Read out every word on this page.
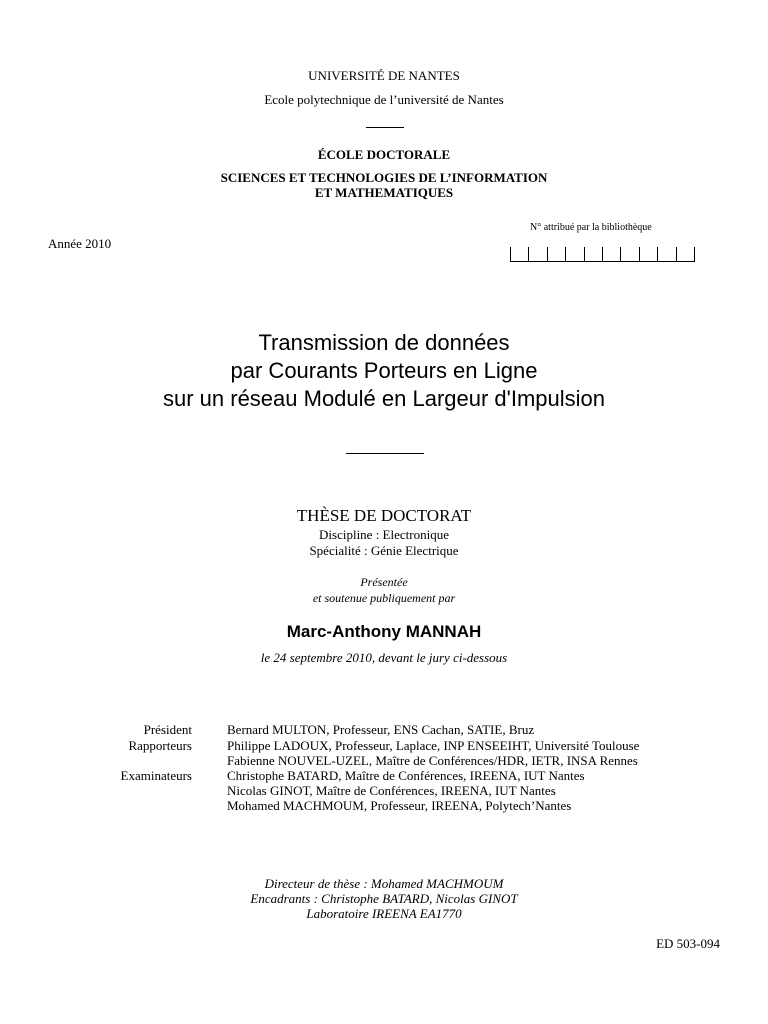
UNIVERSITÉ DE NANTES
Ecole polytechnique de l’université de Nantes
ÉCOLE DOCTORALE
SCIENCES ET TECHNOLOGIES DE L’INFORMATION
ET MATHEMATIQUES
N° attribué par la bibliothèque
Année 2010
Transmission de données
par Courants Porteurs en Ligne
sur un réseau Modulé en Largeur d'Impulsion
THÈSE DE DOCTORAT
Discipline : Electronique
Spécialité : Génie Electrique
Présentée
et soutenue publiquement par
Marc-Anthony MANNAH
le 24 septembre 2010, devant le jury ci-dessous
Président	Bernard MULTON, Professeur, ENS Cachan, SATIE, Bruz
Rapporteurs	Philippe LADOUX, Professeur, Laplace, INP ENSEEIHT, Université Toulouse
Fabienne NOUVEL-UZEL, Maître de Conférences/HDR, IETR, INSA Rennes
Examinateurs	Christophe BATARD, Maître de Conférences, IREENA, IUT Nantes
Nicolas GINOT, Maître de Conférences, IREENA, IUT Nantes
Mohamed MACHMOUM, Professeur, IREENA, Polytech’Nantes
Directeur de thèse : Mohamed MACHMOUM
Encadrants : Christophe BATARD, Nicolas GINOT
Laboratoire IREENA EA1770
ED 503-094
